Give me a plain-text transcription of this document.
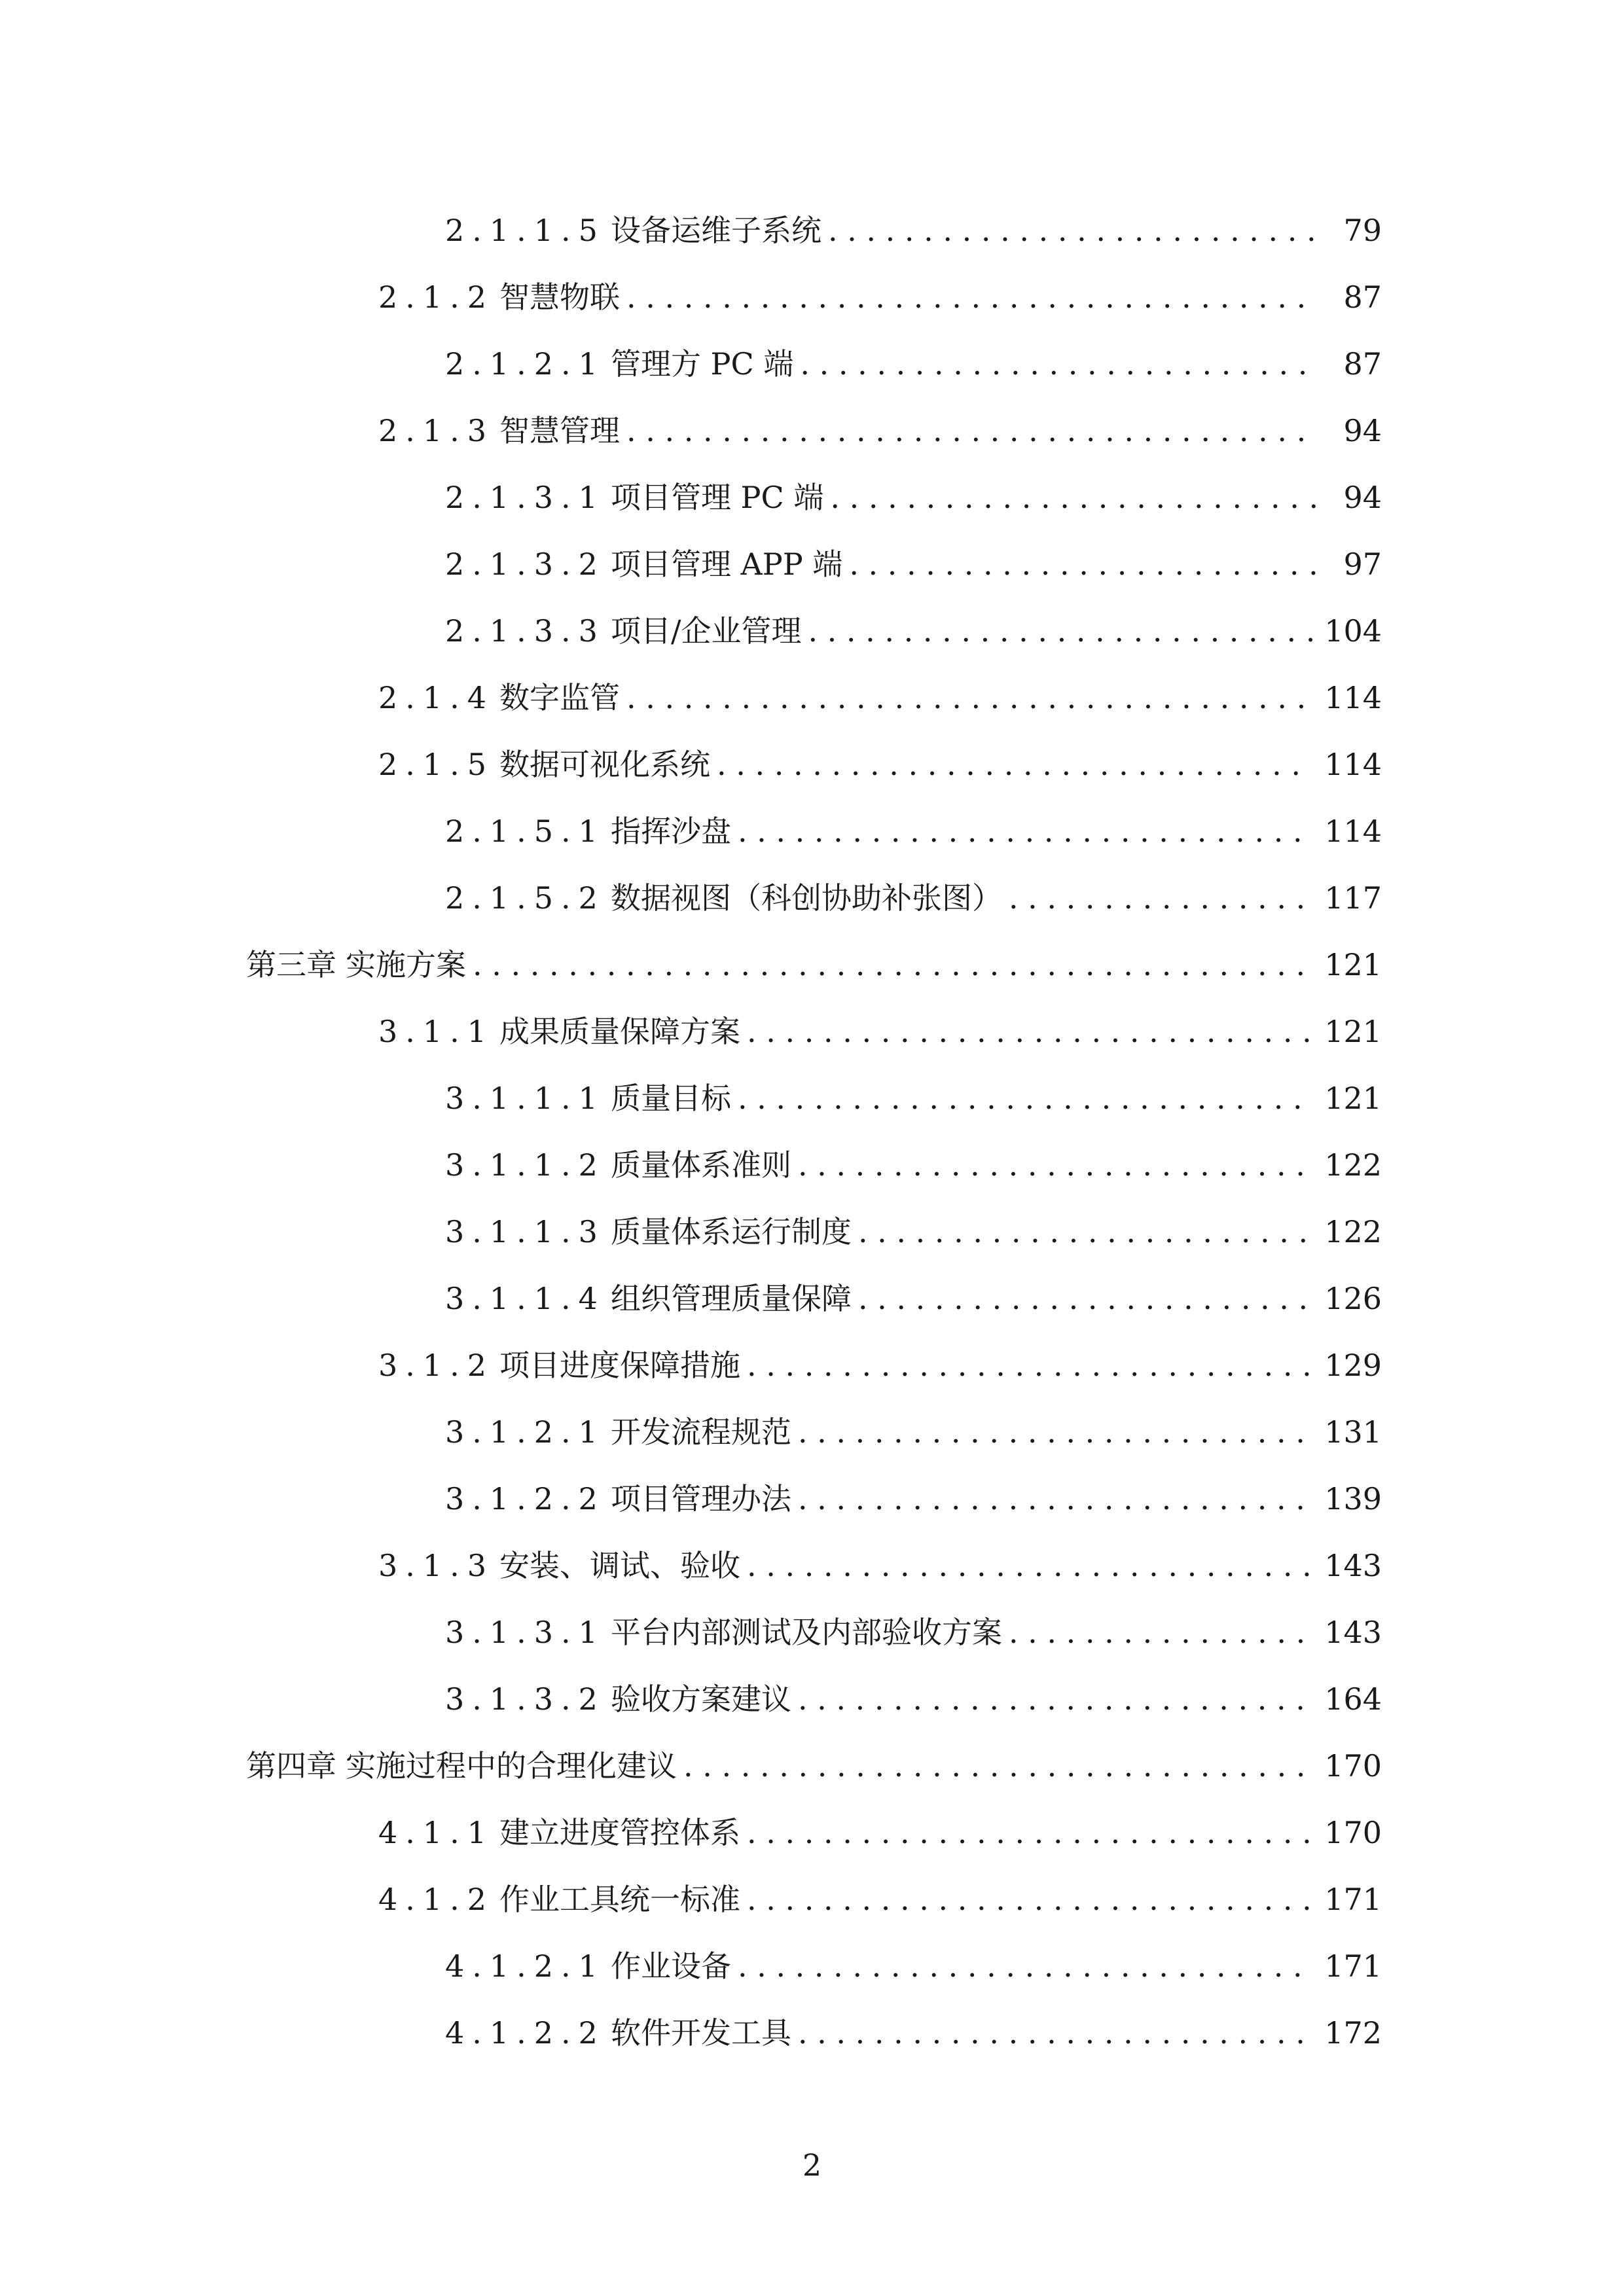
2.1.1.5 设备运维子系统 . . .	79
2.1.2 智慧物联 . . .	87
2.1.2.1 管理方 PC 端 . . .	87
2.1.3 智慧管理 . . .	94
2.1.3.1 项目管理 PC 端 . . .	94
2.1.3.2 项目管理 APP 端 . . .	97
2.1.3.3 项目/企业管理 . . .	104
2.1.4 数字监管 . . .	114
2.1.5 数据可视化系统 . . .	114
2.1.5.1 指挥沙盘 . . .	114
2.1.5.2 数据视图（科创协助补张图） . . .	117
第三章 实施方案 . . .	121
3.1.1 成果质量保障方案 . . .	121
3.1.1.1 质量目标 . . .	121
3.1.1.2 质量体系准则 . . .	122
3.1.1.3 质量体系运行制度 . . .	122
3.1.1.4 组织管理质量保障 . . .	126
3.1.2 项目进度保障措施 . . .	129
3.1.2.1 开发流程规范 . . .	131
3.1.2.2 项目管理办法 . . .	139
3.1.3 安装、调试、验收 . . .	143
3.1.3.1 平台内部测试及内部验收方案 . . .	143
3.1.3.2 验收方案建议 . . .	164
第四章 实施过程中的合理化建议 . . .	170
4.1.1 建立进度管控体系 . . .	170
4.1.2 作业工具统一标准 . . .	171
4.1.2.1 作业设备 . . .	171
4.1.2.2 软件开发工具 . . .	172
2
